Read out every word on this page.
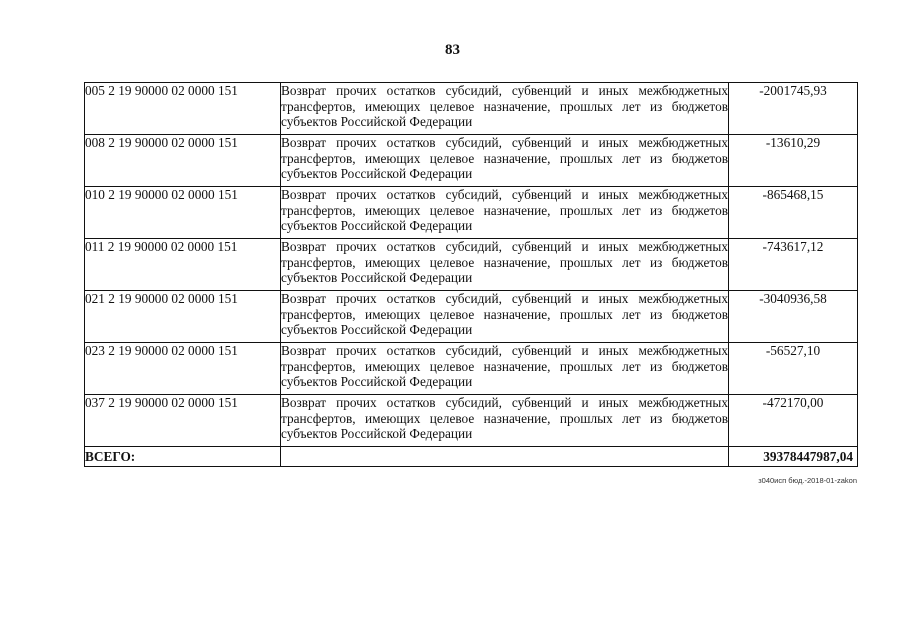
83
005 2 19 90000 02 0000 151	Возврат прочих остатков субсидий, субвенций и иных межбюджетных трансфертов, имеющих целевое назначение, прошлых лет из бюджетов субъектов Российской Федерации	-2001745,93
008 2 19 90000 02 0000 151	Возврат прочих остатков субсидий, субвенций и иных межбюджетных трансфертов, имеющих целевое назначение, прошлых лет из бюджетов субъектов Российской Федерации	-13610,29
010 2 19 90000 02 0000 151	Возврат прочих остатков субсидий, субвенций и иных межбюджетных трансфертов, имеющих целевое назначение, прошлых лет из бюджетов субъектов Российской Федерации	-865468,15
011 2 19 90000 02 0000 151	Возврат прочих остатков субсидий, субвенций и иных межбюджетных трансфертов, имеющих целевое назначение, прошлых лет из бюджетов субъектов Российской Федерации	-743617,12
021 2 19 90000 02 0000 151	Возврат прочих остатков субсидий, субвенций и иных межбюджетных трансфертов, имеющих целевое назначение, прошлых лет из бюджетов субъектов Российской Федерации	-3040936,58
023 2 19 90000 02 0000 151	Возврат прочих остатков субсидий, субвенций и иных межбюджетных трансфертов, имеющих целевое назначение, прошлых лет из бюджетов субъектов Российской Федерации	-56527,10
037 2 19 90000 02 0000 151	Возврат прочих остатков субсидий, субвенций и иных межбюджетных трансфертов, имеющих целевое назначение, прошлых лет из бюджетов субъектов Российской Федерации	-472170,00
ВСЕГО:		39378447987,04
з040исп бюд.-2018-01-zakon
